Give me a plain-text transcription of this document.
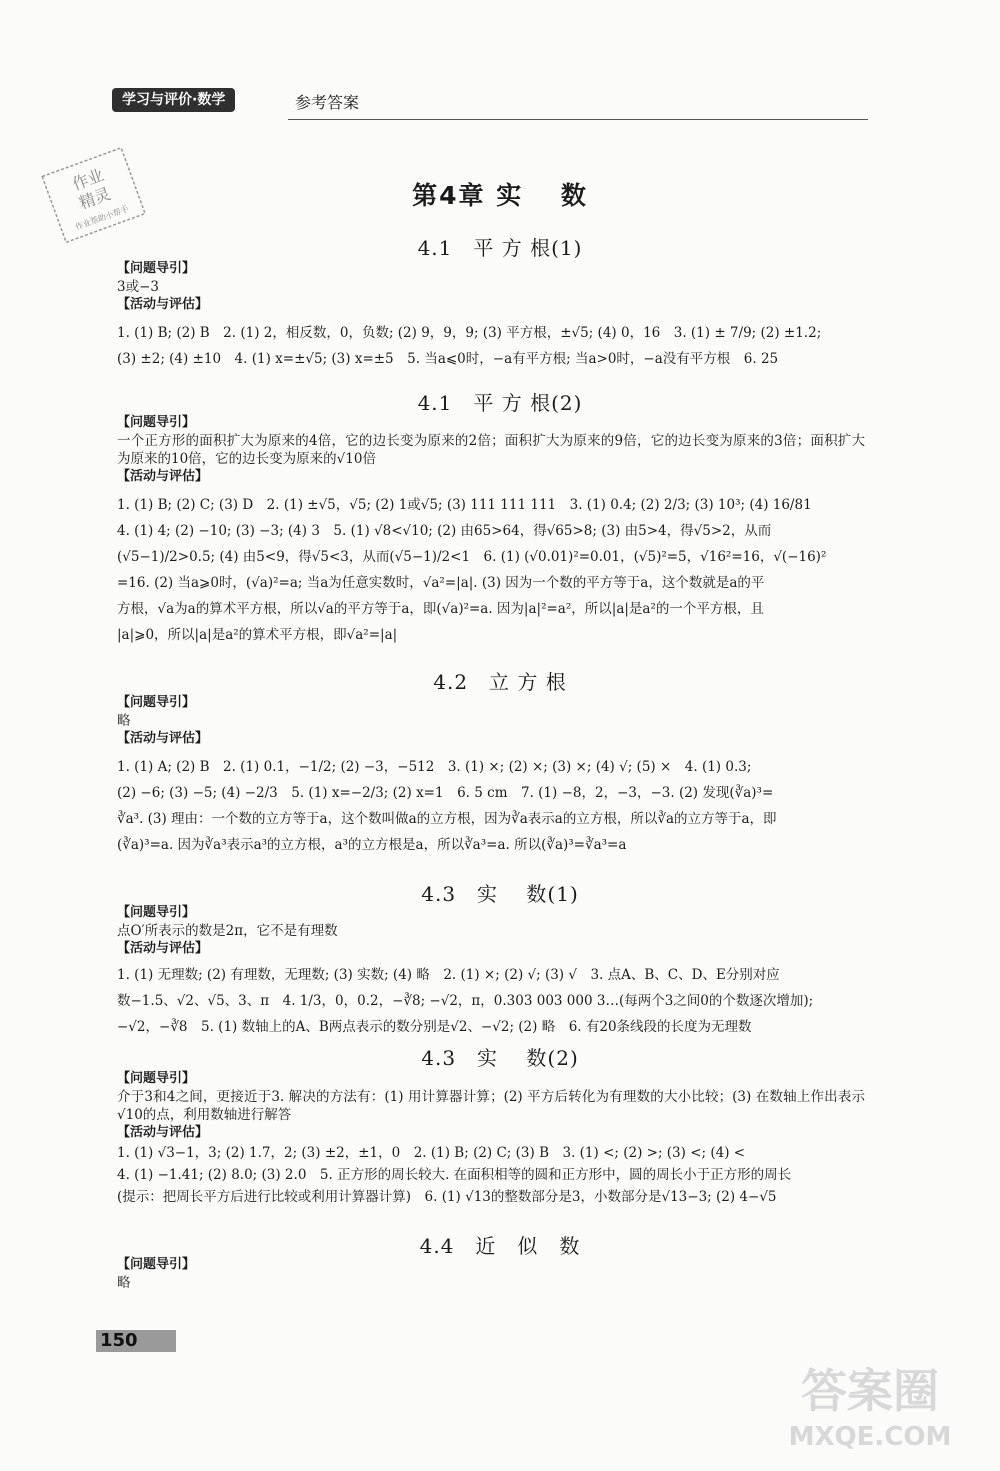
学习与评价·数学	参考答案
作业
精灵
作业帮助小帮手
第4章 实　 数
4.1　平 方 根(1)
【问题导引】
3或−3
【活动与评估】
1. (1) B; (2) B　2. (1) 2，相反数，0，负数; (2) 9，9，9; (3) 平方根，±√5; (4) 0，16　3. (1) ± 7/9; (2) ±1.2;
(3) ±2; (4) ±10　4. (1) x=±√5; (3) x=±5　5. 当a⩽0时，−a有平方根; 当a>0时，−a没有平方根　6. 25
4.1　平 方 根(2)
【问题导引】
一个正方形的面积扩大为原来的4倍，它的边长变为原来的2倍；面积扩大为原来的9倍，它的边长变为原来的3倍；面积扩大为原来的10倍，它的边长变为原来的√10倍
【活动与评估】
1. (1) B; (2) C; (3) D　2. (1) ±√5，√5; (2) 1或√5; (3) 111 111 111　3. (1) 0.4; (2) 2/3; (3) 10³; (4) 16/81
4. (1) 4; (2) −10; (3) −3; (4) 3　5. (1) √8<√10; (2) 由65>64，得√65>8; (3) 由5>4，得√5>2，从而
(√5−1)/2>0.5; (4) 由5<9，得√5<3，从而(√5−1)/2<1　6. (1) (√0.01)²=0.01，(√5)²=5，√16²=16，√(−16)²
=16. (2) 当a⩾0时，(√a)²=a; 当a为任意实数时，√a²=|a|. (3) 因为一个数的平方等于a，这个数就是a的平
方根，√a为a的算术平方根，所以√a的平方等于a，即(√a)²=a. 因为|a|²=a²，所以|a|是a²的一个平方根，且
|a|⩾0，所以|a|是a²的算术平方根，即√a²=|a|
4.2　立 方 根
【问题导引】
略
【活动与评估】
1. (1) A; (2) B　2. (1) 0.1，−1/2; (2) −3，−512　3. (1) ×; (2) ×; (3) ×; (4) √; (5) ×　4. (1) 0.3;
(2) −6; (3) −5; (4) −2/3　5. (1) x=−2/3; (2) x=1　6. 5 cm　7. (1) −8，2，−3，−3. (2) 发现(∛a)³=
∛a³. (3) 理由：一个数的立方等于a，这个数叫做a的立方根，因为∛a表示a的立方根，所以∛a的立方等于a，即
(∛a)³=a. 因为∛a³表示a³的立方根，a³的立方根是a，所以∛a³=a. 所以(∛a)³=∛a³=a
4.3　实　 数(1)
【问题导引】
点O′所表示的数是2π，它不是有理数
【活动与评估】
1. (1) 无理数; (2) 有理数，无理数; (3) 实数; (4) 略　2. (1) ×; (2) √; (3) √　3. 点A、B、C、D、E分别对应
数−1.5、√2、√5、3、π　4. 1/3，0，0.2，−∛8; −√2，π，0.303 003 000 3…(每两个3之间0的个数逐次增加);
−√2，−∛8　5. (1) 数轴上的A、B两点表示的数分别是√2、−√2; (2) 略　6. 有20条线段的长度为无理数
4.3　实　 数(2)
【问题导引】
介于3和4之间，更接近于3. 解决的方法有：(1) 用计算器计算；(2) 平方后转化为有理数的大小比较；(3) 在数轴上作出表示√10的点，利用数轴进行解答
【活动与评估】
1. (1) √3−1，3; (2) 1.7，2; (3) ±2，±1，0　2. (1) B; (2) C; (3) B　3. (1) <; (2) >; (3) <; (4) <
4. (1) −1.41; (2) 8.0; (3) 2.0　5. 正方形的周长较大. 在面积相等的圆和正方形中，圆的周长小于正方形的周长
(提示：把周长平方后进行比较或利用计算器计算)　6. (1) √13的整数部分是3，小数部分是√13−3; (2) 4−√5
4.4　近　似　数
【问题导引】
略
150
答案圈
MXQE.COM
